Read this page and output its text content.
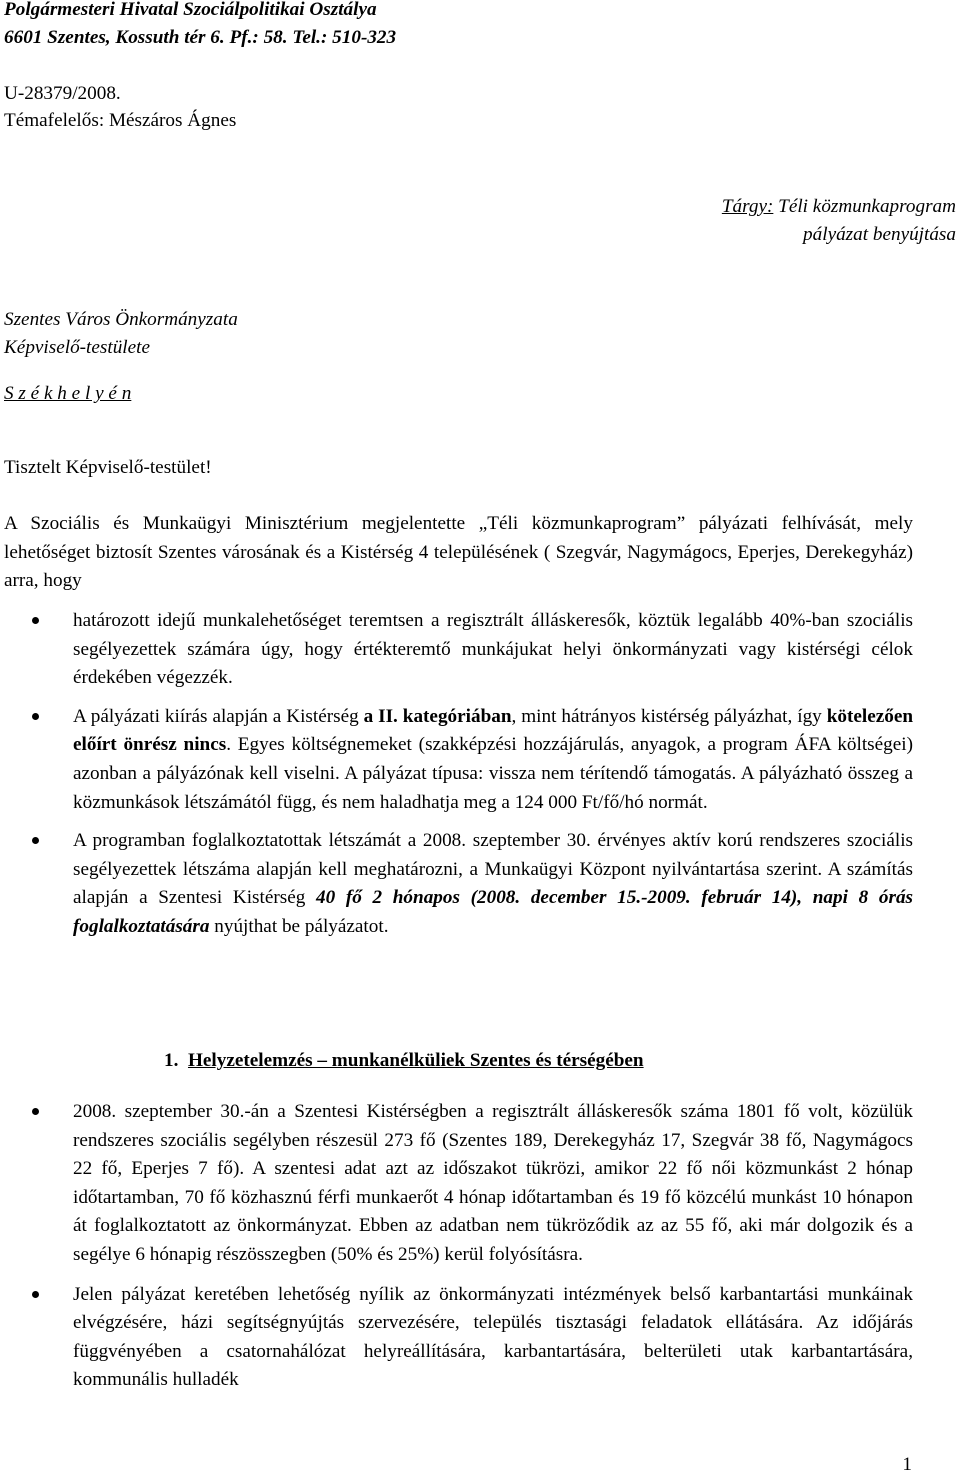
Polgármesteri Hivatal Szociálpolitikai Osztálya
6601 Szentes, Kossuth tér 6. Pf.: 58. Tel.: 510-323
U-28379/2008.
Témafelelős: Mészáros Ágnes
Tárgy: Téli közmunkaprogram
pályázat benyújtása
Szentes Város Önkormányzata
Képviselő-testülete
S z é k h e l y é n
Tisztelt Képviselő-testület!

A Szociális és Munkaügyi Minisztérium megjelentette „Téli közmunkaprogram” pályázati felhívását, mely lehetőséget biztosít Szentes városának és a Kistérség 4 településének ( Szegvár, Nagymágocs, Eperjes, Derekegyház) arra, hogy

határozott idejű munkalehetőséget teremtsen a regisztrált álláskeresők, köztük legalább 40%-ban szociális segélyezettek számára úgy, hogy értékteremtő munkájukat helyi önkormányzati vagy kistérségi célok érdekében végezzék.
A pályázati kiírás alapján a Kistérség a II. kategóriában, mint hátrányos kistérség pályázhat, így kötelezően előírt önrész nincs. Egyes költségnemeket (szakképzési hozzájárulás, anyagok, a program ÁFA költségei) azonban a pályázónak kell viselni. A pályázat típusa: vissza nem térítendő támogatás. A pályázható összeg a közmunkások létszámától függ, és nem haladhatja meg a 124 000 Ft/fő/hó normát.
A programban foglalkoztatottak létszámát a 2008. szeptember 30. érvényes aktív korú rendszeres szociális segélyezettek létszáma alapján kell meghatározni, a Munkaügyi Központ nyilvántartása szerint. A számítás alapján a Szentesi Kistérség 40 fő 2 hónapos (2008. december 15.-2009. február 14), napi 8 órás foglalkoztatására nyújthat be pályázatot.
1. Helyzetelemzés – munkanélküliek Szentes és térségében
2008. szeptember 30.-án a Szentesi Kistérségben a regisztrált álláskeresők száma 1801 fő volt, közülük rendszeres szociális segélyben részesül 273 fő (Szentes 189, Derekegyház 17, Szegvár 38 fő, Nagymágocs 22 fő, Eperjes 7 fő). A szentesi adat azt az időszakot tükrözi, amikor 22 fő női közmunkást 2 hónap időtartamban, 70 fő közhasznú férfi munkaerőt 4 hónap időtartamban és 19 fő közcélú munkást 10 hónapon át foglalkoztatott az önkormányzat. Ebben az adatban nem tükröződik az az 55 fő, aki már dolgozik és a segélye 6 hónapig részösszegben (50% és 25%) kerül folyósításra.
Jelen pályázat keretében lehetőség nyílik az önkormányzati intézmények belső karbantartási munkáinak elvégzésére, házi segítségnyújtás szervezésére, település tisztasági feladatok ellátására. Az időjárás függvényében a csatornahálózat helyreállítására, karbantartására, belterületi utak karbantartására, kommunális hulladék
1
